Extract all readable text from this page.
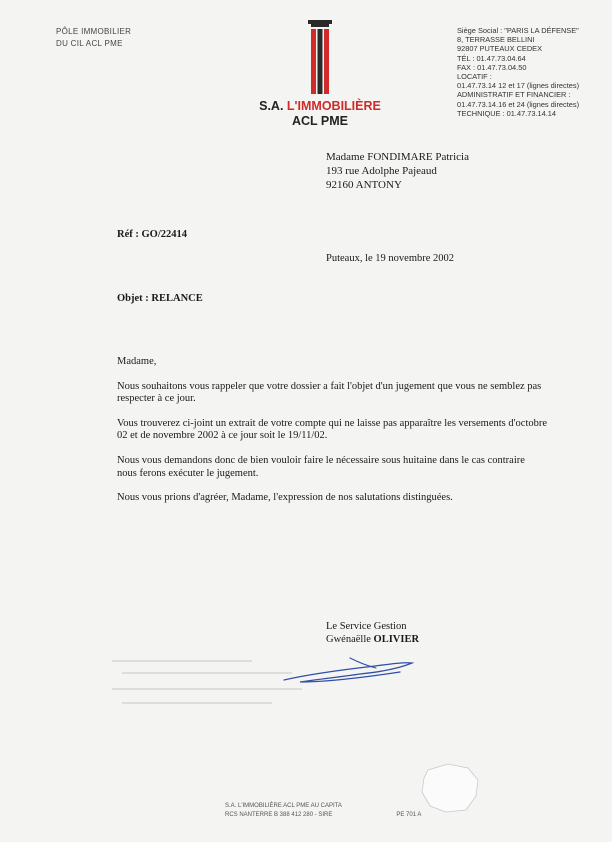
PÔLE IMMOBILIER
DU CIL ACL PME
Siège Social : "PARIS LA DÉFENSE"
8, TERRASSE BELLINI
92807 PUTEAUX CEDEX
TÉL : 01.47.73.04.64
FAX : 01.47.73.04.50
LOCATIF :
01.47.73.14 12 et 17 (lignes directes)
ADMINISTRATIF ET FINANCIER :
01.47.73.14.16 et 24 (lignes directes)
TECHNIQUE : 01.47.73.14.14
S.A. L'IMMOBILIÈRE
ACL PME
Madame FONDIMARE Patricia
193 rue Adolphe Pajeaud
92160 ANTONY
Réf : GO/22414
Puteaux, le 19 novembre 2002
Objet : RELANCE

Madame,

Nous souhaitons vous rappeler que votre dossier a fait l'objet d'un jugement que vous ne semblez pas respecter à ce jour.

Vous trouverez ci-joint un extrait de votre compte qui ne laisse pas apparaître les versements d'octobre 02 et de novembre 2002 à ce jour soit le 19/11/02.

Nous vous demandons donc de bien vouloir faire le nécessaire sous huitaine dans le cas contraire nous ferons exécuter le jugement.

Nous vous prions d'agréer, Madame, l'expression de nos salutations distinguées.

Le Service Gestion
Gwénaëlle OLIVIER
S.A. L'IMMOBILIÈRE ACL PME AU CAPITA
RCS NANTERRE B 388 412 280 - SIRE	PE 701 A
